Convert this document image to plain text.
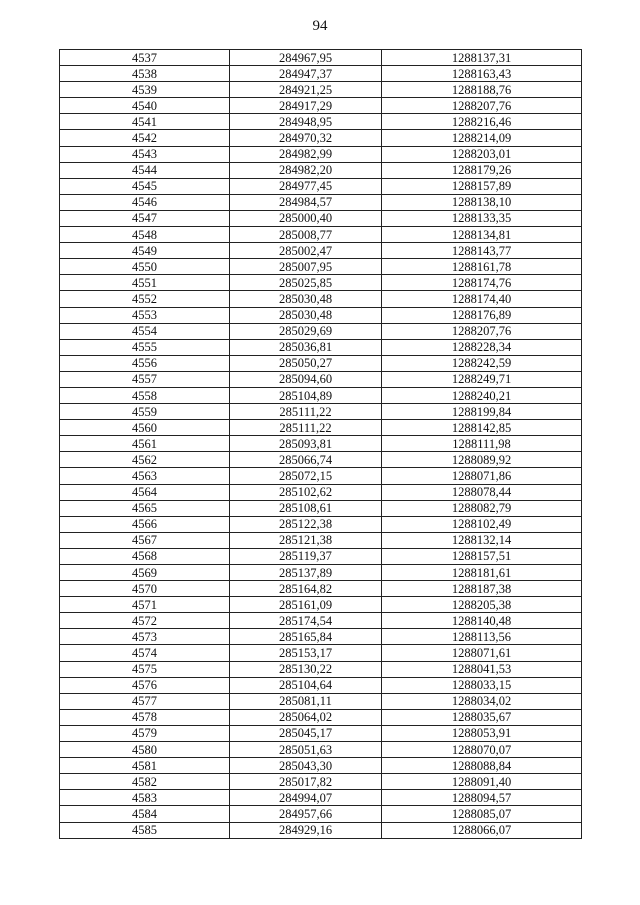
94
4537	284967,95	1288137,31
4538	284947,37	1288163,43
4539	284921,25	1288188,76
4540	284917,29	1288207,76
4541	284948,95	1288216,46
4542	284970,32	1288214,09
4543	284982,99	1288203,01
4544	284982,20	1288179,26
4545	284977,45	1288157,89
4546	284984,57	1288138,10
4547	285000,40	1288133,35
4548	285008,77	1288134,81
4549	285002,47	1288143,77
4550	285007,95	1288161,78
4551	285025,85	1288174,76
4552	285030,48	1288174,40
4553	285030,48	1288176,89
4554	285029,69	1288207,76
4555	285036,81	1288228,34
4556	285050,27	1288242,59
4557	285094,60	1288249,71
4558	285104,89	1288240,21
4559	285111,22	1288199,84
4560	285111,22	1288142,85
4561	285093,81	1288111,98
4562	285066,74	1288089,92
4563	285072,15	1288071,86
4564	285102,62	1288078,44
4565	285108,61	1288082,79
4566	285122,38	1288102,49
4567	285121,38	1288132,14
4568	285119,37	1288157,51
4569	285137,89	1288181,61
4570	285164,82	1288187,38
4571	285161,09	1288205,38
4572	285174,54	1288140,48
4573	285165,84	1288113,56
4574	285153,17	1288071,61
4575	285130,22	1288041,53
4576	285104,64	1288033,15
4577	285081,11	1288034,02
4578	285064,02	1288035,67
4579	285045,17	1288053,91
4580	285051,63	1288070,07
4581	285043,30	1288088,84
4582	285017,82	1288091,40
4583	284994,07	1288094,57
4584	284957,66	1288085,07
4585	284929,16	1288066,07
